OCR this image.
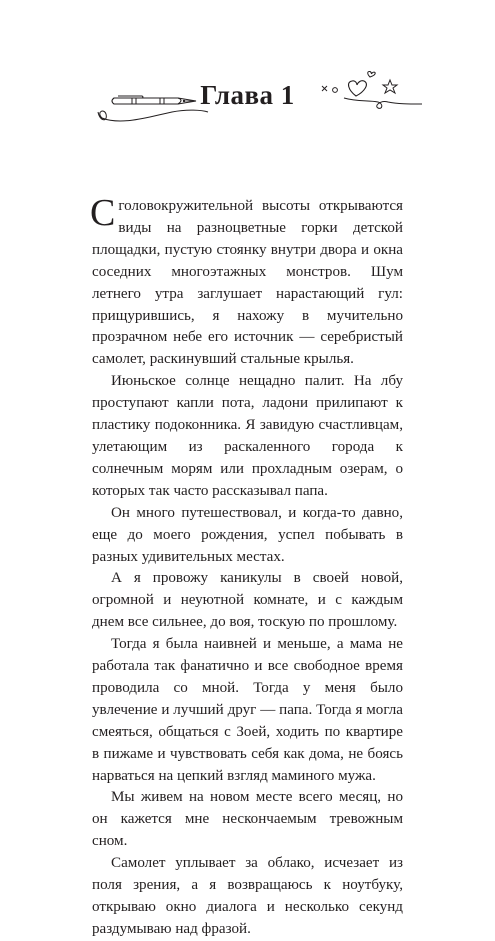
Глава 1

С головокружительной высоты открываются виды на разноцветные горки детской площадки, пустую стоянку внутри двора и окна соседних многоэтажных монстров. Шум летнего утра заглушает нарастающий гул: прищурившись, я нахожу в мучительно прозрачном небе его источник — серебристый самолет, раскинувший стальные крылья.

Июньское солнце нещадно палит. На лбу проступают капли пота, ладони прилипают к пластику подоконника. Я завидую счастливцам, улетающим из раскаленного города к солнечным морям или прохладным озерам, о которых так часто рассказывал папа.

Он много путешествовал, и когда-то давно, еще до моего рождения, успел побывать в разных удивительных местах.

А я провожу каникулы в своей новой, огромной и неуютной комнате, и с каждым днем все сильнее, до воя, тоскую по прошлому.

Тогда я была наивней и меньше, а мама не работала так фанатично и все свободное время проводила со мной. Тогда у меня было увлечение и лучший друг — папа. Тогда я могла смеяться, общаться с Зоей, ходить по квартире в пижаме и чувствовать себя как дома, не боясь нарваться на цепкий взгляд маминого мужа.

Мы живем на новом месте всего месяц, но он кажется мне нескончаемым тревожным сном.

Самолет уплывает за облако, исчезает из поля зрения, а я возвращаюсь к ноутбуку, открываю окно диалога и несколько секунд раздумываю над фразой.
